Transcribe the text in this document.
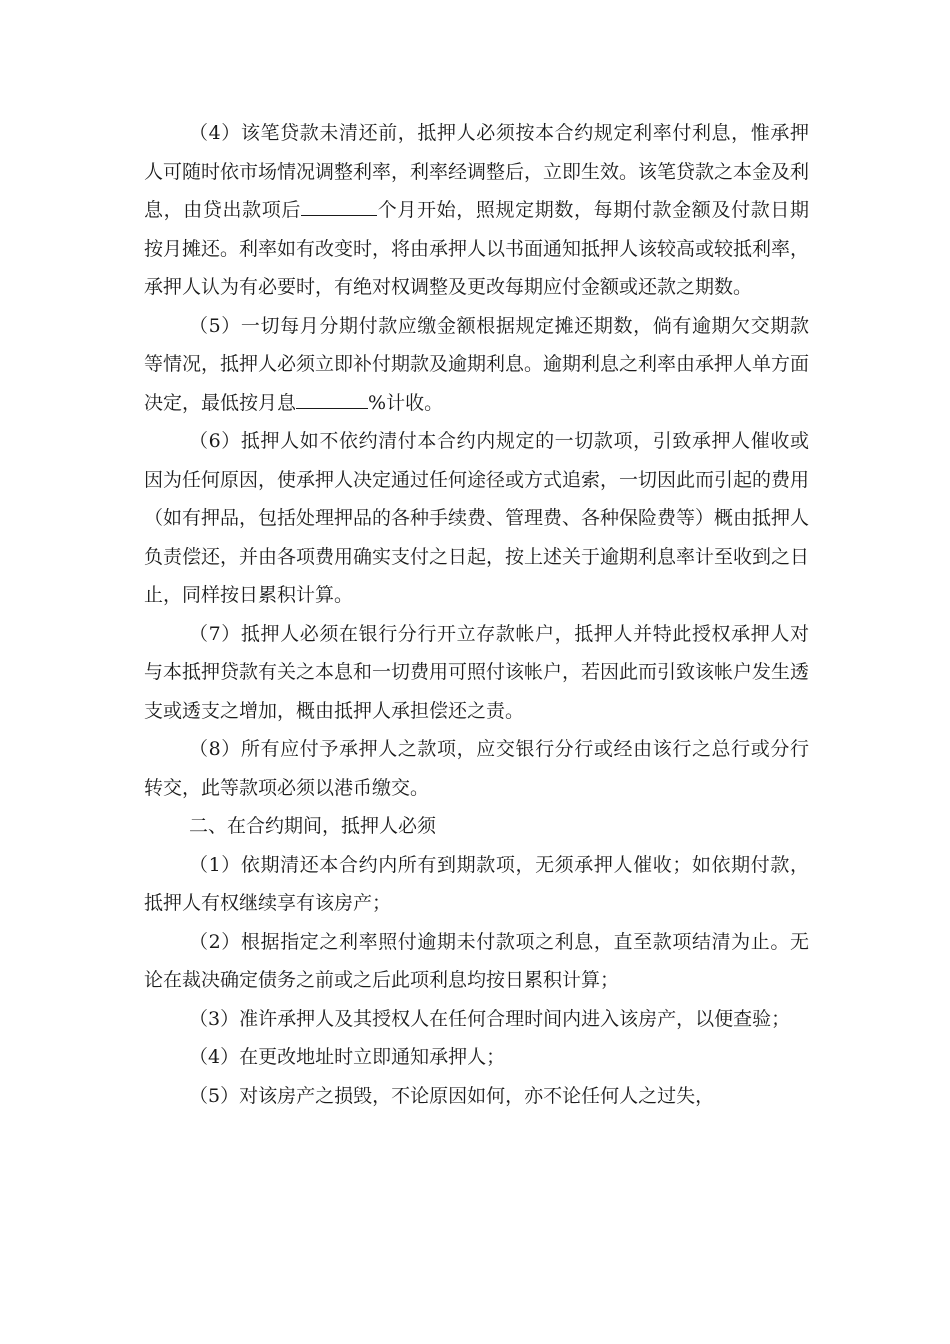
（4）该笔贷款未清还前，抵押人必须按本合约规定利率付利息，惟承押人可随时依市场情况调整利率，利率经调整后，立即生效。该笔贷款之本金及利息，由贷出款项后	个月开始，照规定期数，每期付款金额及付款日期按月摊还。利率如有改变时，将由承押人以书面通知抵押人该较高或较抵利率，承押人认为有必要时，有绝对权调整及更改每期应付金额或还款之期数。

（5）一切每月分期付款应缴金额根据规定摊还期数，倘有逾期欠交期款等情况，抵押人必须立即补付期款及逾期利息。逾期利息之利率由承押人单方面决定，最低按月息	%计收。

（6）抵押人如不依约清付本合约内规定的一切款项，引致承押人催收或因为任何原因，使承押人决定通过任何途径或方式追索，一切因此而引起的费用（如有押品，包括处理押品的各种手续费、管理费、各种保险费等）概由抵押人负责偿还，并由各项费用确实支付之日起，按上述关于逾期利息率计至收到之日止，同样按日累积计算。

（7）抵押人必须在银行分行开立存款帐户，抵押人并特此授权承押人对与本抵押贷款有关之本息和一切费用可照付该帐户，若因此而引致该帐户发生透支或透支之增加，概由抵押人承担偿还之责。

（8）所有应付予承押人之款项，应交银行分行或经由该行之总行或分行转交，此等款项必须以港币缴交。

二、在合约期间，抵押人必须

（1）依期清还本合约内所有到期款项，无须承押人催收；如依期付款，抵押人有权继续享有该房产；

（2）根据指定之利率照付逾期未付款项之利息，直至款项结清为止。无论在裁决确定债务之前或之后此项利息均按日累积计算；

（3）准许承押人及其授权人在任何合理时间内进入该房产，以便查验；

（4）在更改地址时立即通知承押人；

（5）对该房产之损毁，不论原因如何，亦不论任何人之过失，
